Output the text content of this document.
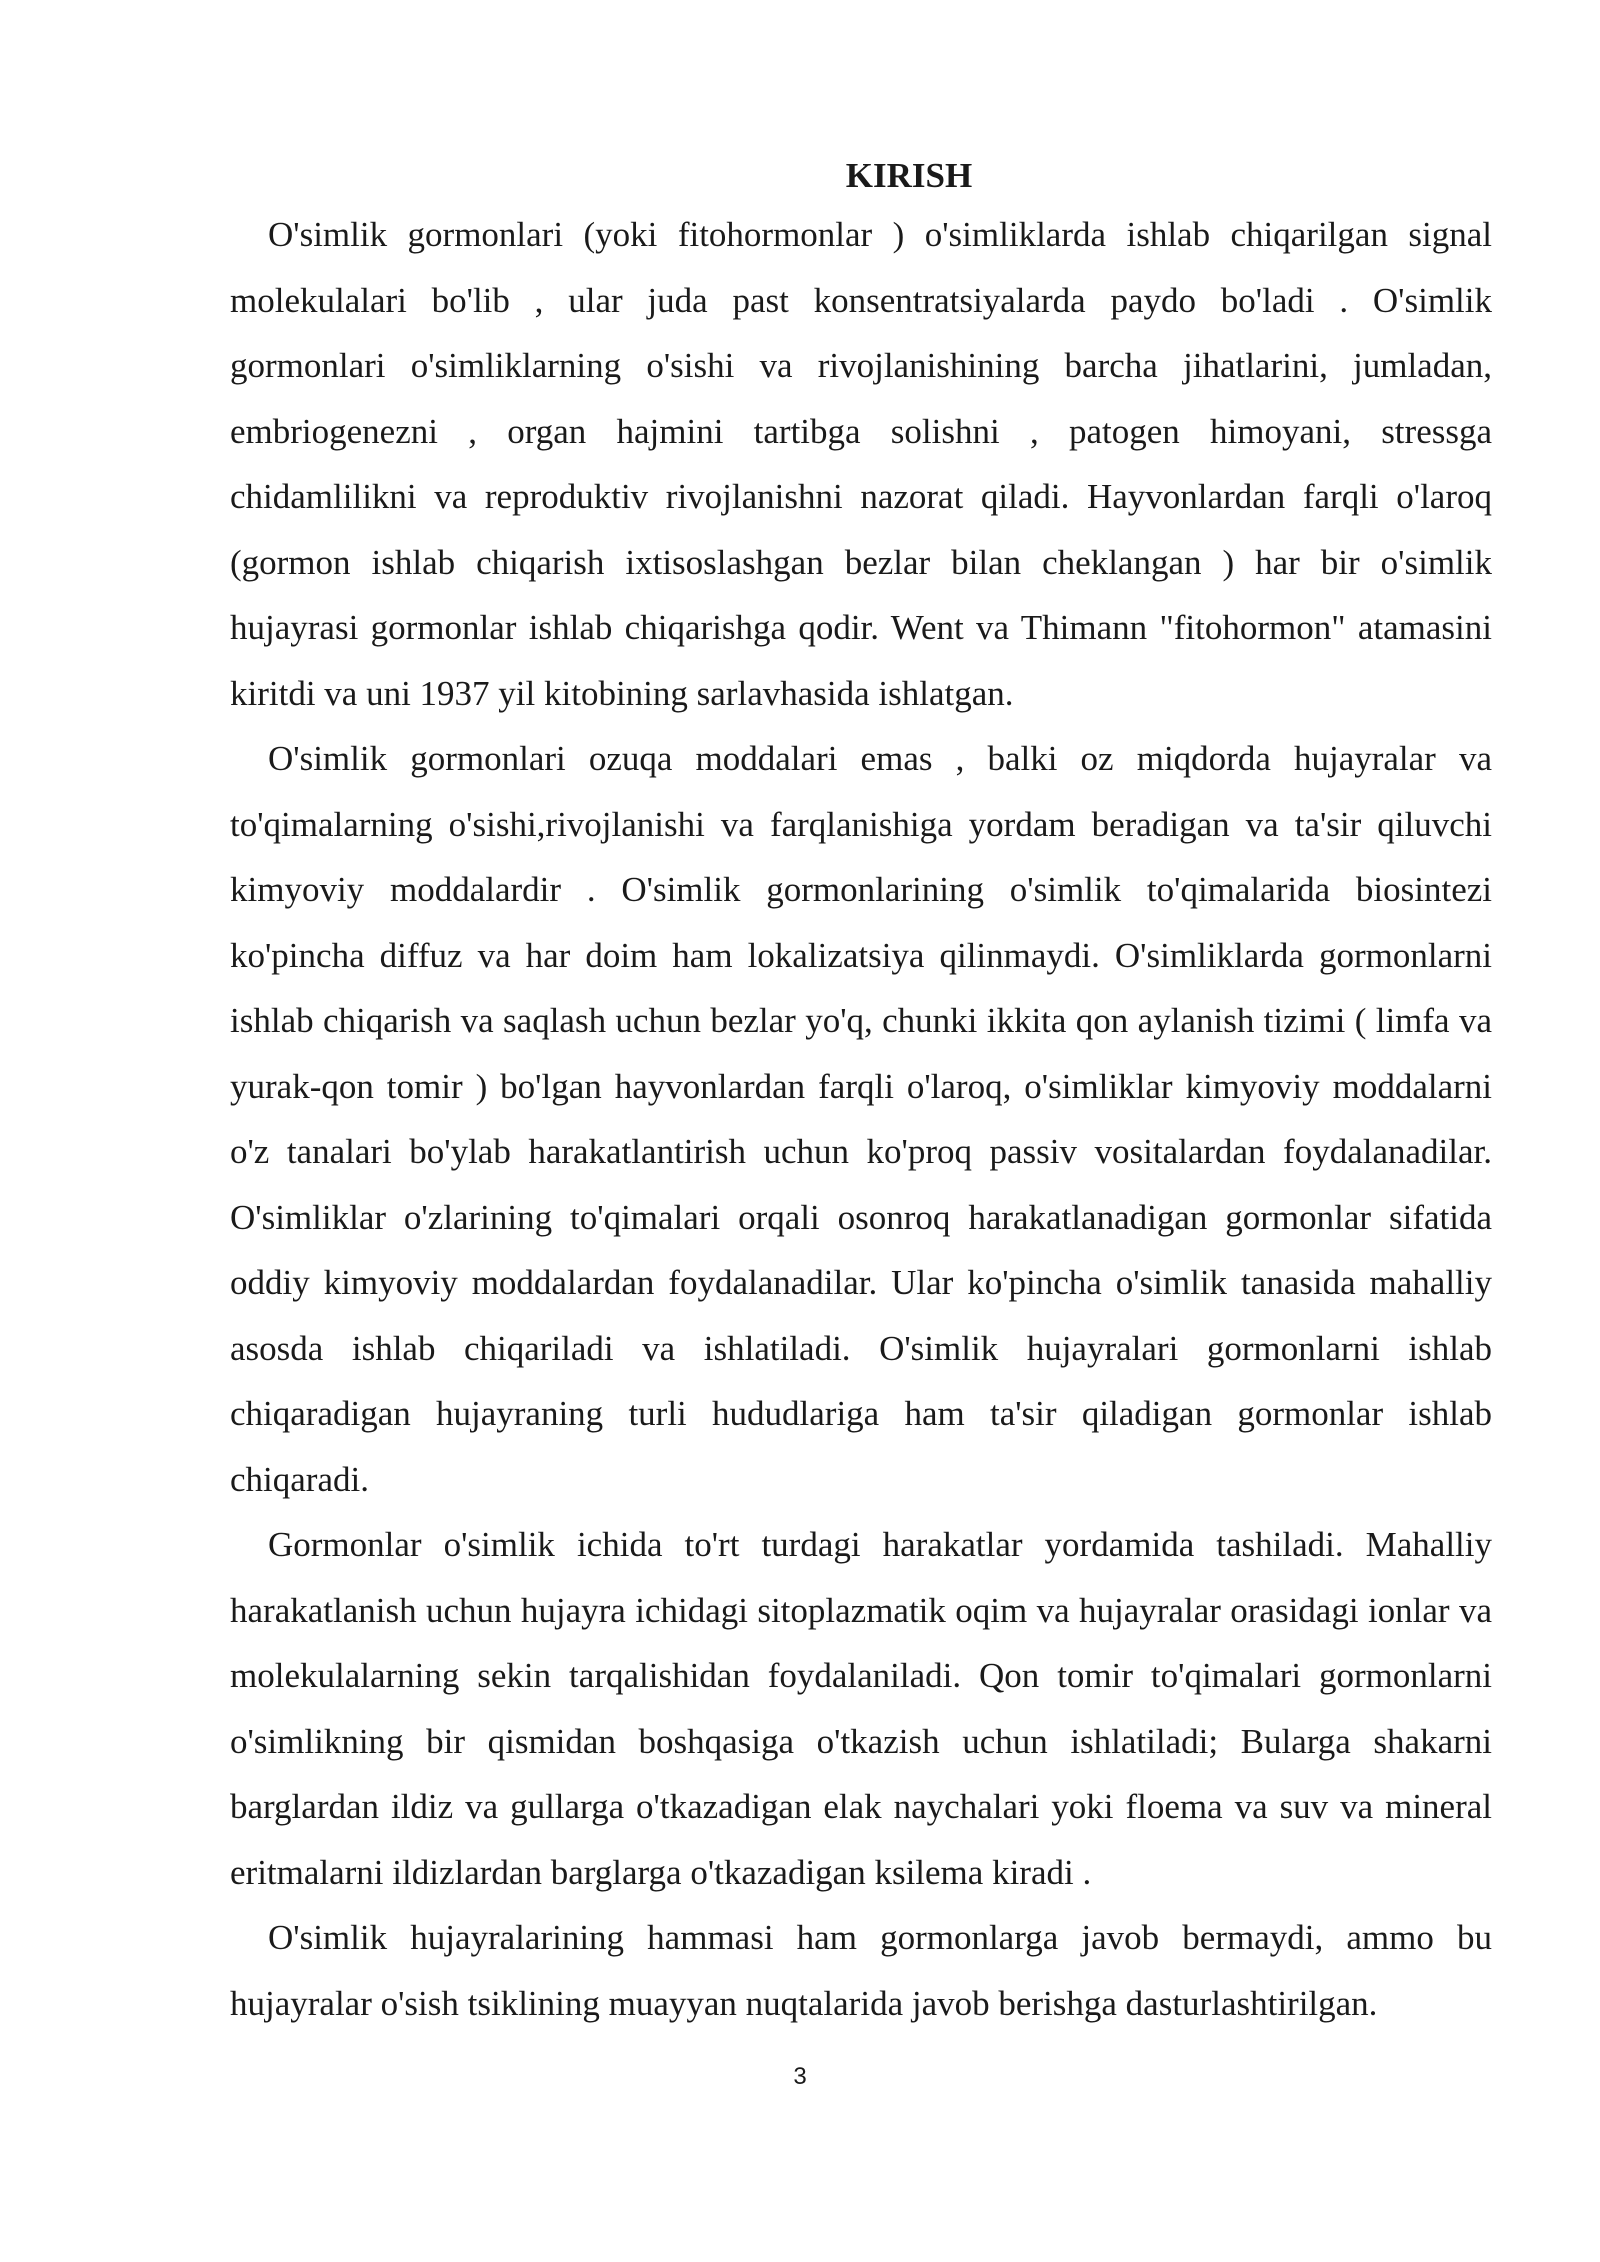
KIRISH

O'simlik gormonlari (yoki fitohormonlar ) o'simliklarda ishlab chiqarilgan signal molekulalari bo'lib , ular juda past konsentratsiyalarda paydo bo'ladi . O'simlik gormonlari o'simliklarning o'sishi va rivojlanishining barcha jihatlarini, jumladan, embriogenezni , organ hajmini tartibga solishni , patogen himoyani, stressga chidamlilikni va reproduktiv rivojlanishni nazorat qiladi. Hayvonlardan farqli o'laroq (gormon ishlab chiqarish ixtisoslashgan bezlar bilan cheklangan ) har bir o'simlik hujayrasi gormonlar ishlab chiqarishga qodir. Went va Thimann "fitohormon" atamasini kiritdi va uni 1937 yil kitobining sarlavhasida ishlatgan.

O'simlik gormonlari ozuqa moddalari emas , balki oz miqdorda hujayralar va to'qimalarning o'sishi,rivojlanishi va farqlanishiga yordam beradigan va ta'sir qiluvchi kimyoviy moddalardir . O'simlik gormonlarining o'simlik to'qimalarida biosintezi ko'pincha diffuz va har doim ham lokalizatsiya qilinmaydi. O'simliklarda gormonlarni ishlab chiqarish va saqlash uchun bezlar yo'q, chunki ikkita qon aylanish tizimi ( limfa va yurak-qon tomir ) bo'lgan hayvonlardan farqli o'laroq, o'simliklar kimyoviy moddalarni o'z tanalari bo'ylab harakatlantirish uchun ko'proq passiv vositalardan foydalanadilar. O'simliklar o'zlarining to'qimalari orqali osonroq harakatlanadigan gormonlar sifatida oddiy kimyoviy moddalardan foydalanadilar. Ular ko'pincha o'simlik tanasida mahalliy asosda ishlab chiqariladi va ishlatiladi. O'simlik hujayralari gormonlarni ishlab chiqaradigan hujayraning turli hududlariga ham ta'sir qiladigan gormonlar ishlab chiqaradi.

Gormonlar o'simlik ichida to'rt turdagi harakatlar yordamida tashiladi. Mahalliy harakatlanish uchun hujayra ichidagi sitoplazmatik oqim va hujayralar orasidagi ionlar va molekulalarning sekin tarqalishidan foydalaniladi. Qon tomir to'qimalari gormonlarni o'simlikning bir qismidan boshqasiga o'tkazish uchun ishlatiladi; Bularga shakarni barglardan ildiz va gullarga o'tkazadigan elak naychalari yoki floema va suv va mineral eritmalarni ildizlardan barglarga o'tkazadigan ksilema kiradi .

O'simlik hujayralarining hammasi ham gormonlarga javob bermaydi, ammo bu hujayralar o'sish tsiklining muayyan nuqtalarida javob berishga dasturlashtirilgan.

3
